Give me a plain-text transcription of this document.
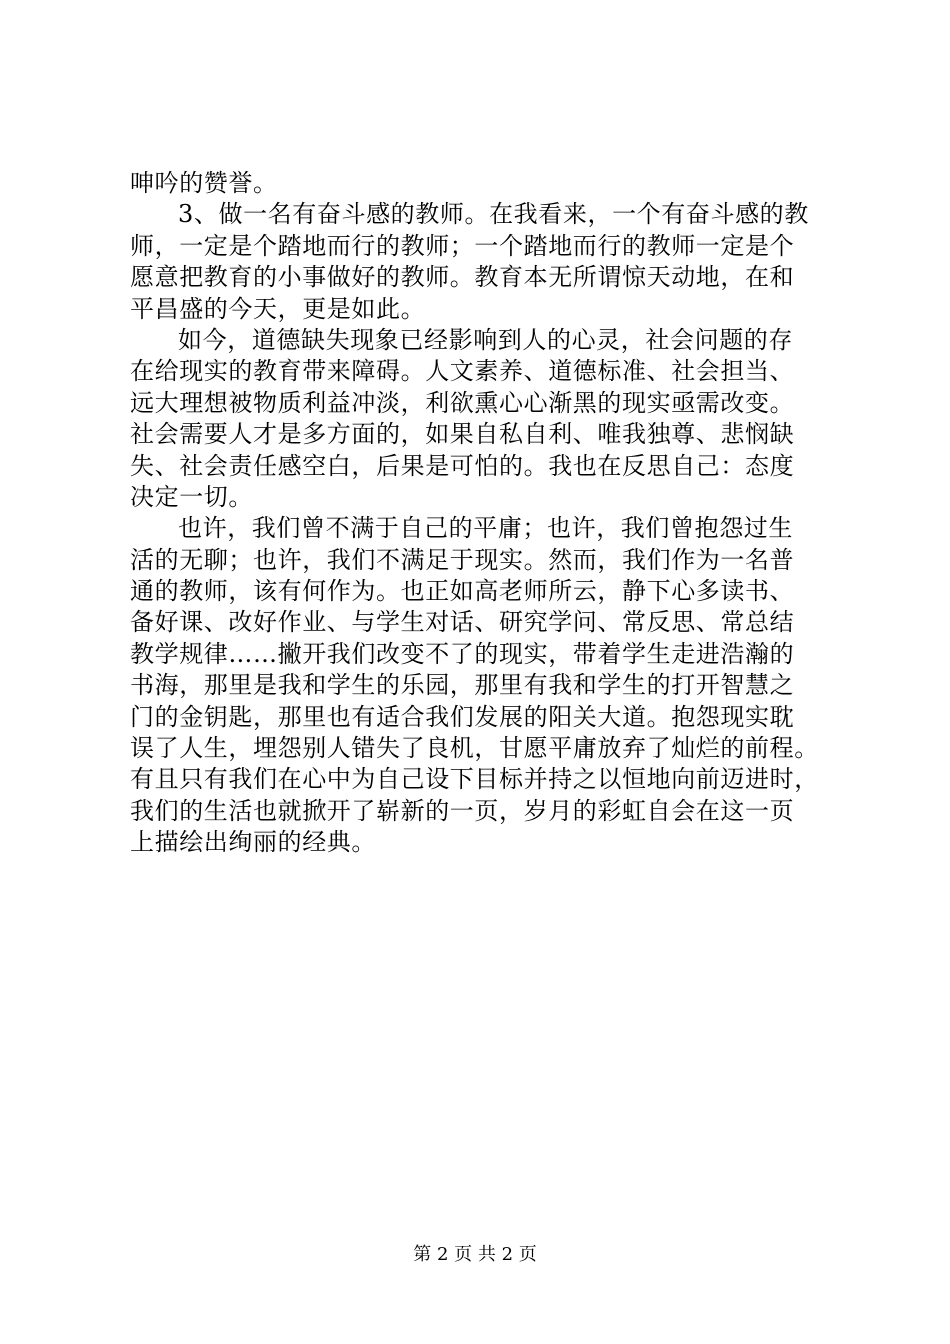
呻吟的赞誉。
3、做一名有奋斗感的教师。在我看来，一个有奋斗感的教
师，一定是个踏地而行的教师；一个踏地而行的教师一定是个
愿意把教育的小事做好的教师。教育本无所谓惊天动地，在和
平昌盛的今天，更是如此。
如今，道德缺失现象已经影响到人的心灵，社会问题的存
在给现实的教育带来障碍。人文素养、道德标准、社会担当、
远大理想被物质利益冲淡，利欲熏心心渐黑的现实亟需改变。
社会需要人才是多方面的，如果自私自利、唯我独尊、悲悯缺
失、社会责任感空白，后果是可怕的。我也在反思自己：态度
决定一切。
也许，我们曾不满于自己的平庸；也许，我们曾抱怨过生
活的无聊；也许，我们不满足于现实。然而，我们作为一名普
通的教师，该有何作为。也正如高老师所云，静下心多读书、
备好课、改好作业、与学生对话、研究学问、常反思、常总结
教学规律……撇开我们改变不了的现实，带着学生走进浩瀚的
书海，那里是我和学生的乐园，那里有我和学生的打开智慧之
门的金钥匙，那里也有适合我们发展的阳关大道。抱怨现实耽
误了人生，埋怨别人错失了良机，甘愿平庸放弃了灿烂的前程。
有且只有我们在心中为自己设下目标并持之以恒地向前迈进时，
我们的生活也就掀开了崭新的一页，岁月的彩虹自会在这一页
上描绘出绚丽的经典。
第 2 页 共 2 页
